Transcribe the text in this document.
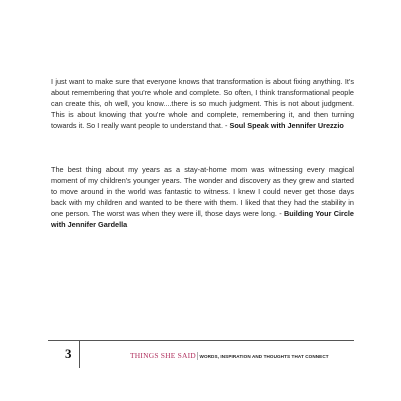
I just want to make sure that everyone knows that transformation is about fixing anything. It's about remembering that you're whole and complete. So often, I think transformational people can create this, oh well, you know....there is so much judgment. This is not about judgment. This is about knowing that you're whole and complete, remembering it, and then turning towards it. So I really want people to understand that. - Soul Speak with Jennifer Urezzio

The best thing about my years as a stay-at-home mom was witnessing every magical moment of my children's younger years. The wonder and discovery as they grew and started to move around in the world was fantastic to witness. I knew I could never get those days back with my children and wanted to be there with them. I liked that they had the stability in one person. The worst was when they were ill, those days were long. - Building Your Circle with Jennifer Gardella

3	THINGS SHE SAID|WORDS, INSPIRATION AND THOUGHTS THAT CONNECT
